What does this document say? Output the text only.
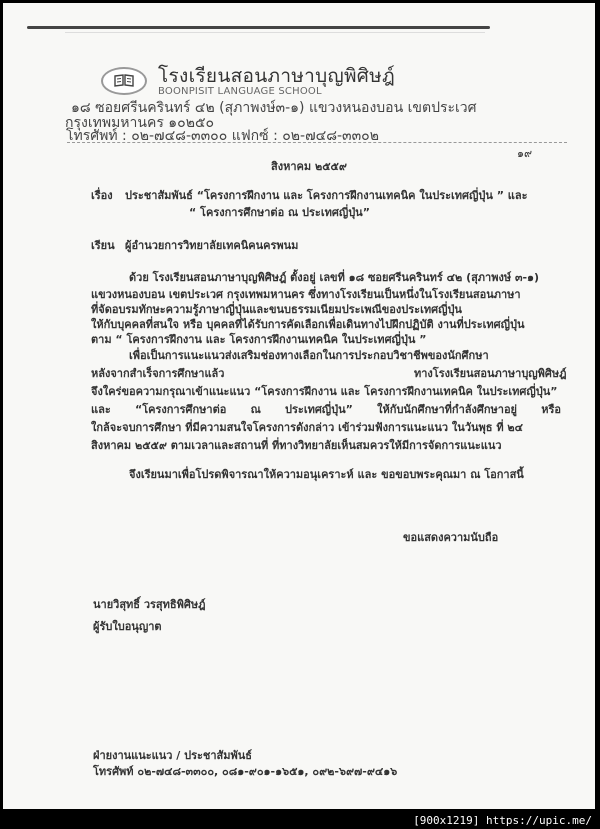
โรงเรียนสอนภาษาบุญพิศิษฎ์
BOONPISIT LANGUAGE SCHOOL
๑๘ ซอยศรีนครินทร์ ๔๒ (สุภาพงษ์๓-๑) แขวงหนองบอน เขตประเวศ
กรุงเทพมหานคร ๑๐๒๕๐
โทรศัพท์ : ๐๒-๗๔๘-๓๓๐๐ แฟกซ์ : ๐๒-๗๔๘-๓๓๐๒
๑๙
สิงหาคม ๒๕๕๙
เรื่อง ประชาสัมพันธ์ “โครงการฝึกงาน และ โครงการฝึกงานเทคนิค ในประเทศญี่ปุ่น ” และ
“ โครงการศึกษาต่อ ณ ประเทศญี่ปุ่น”
เรียน ผู้อำนวยการวิทยาลัยเทคนิคนครพนม
ด้วย โรงเรียนสอนภาษาบุญพิศิษฎ์ ตั้งอยู่ เลขที่ ๑๘ ซอยศรีนครินทร์ ๔๒ (สุภาพงษ์ ๓-๑)
แขวงหนองบอน เขตประเวศ กรุงเทพมหานคร ซึ่งทางโรงเรียนเป็นหนึ่งในโรงเรียนสอนภาษา
ที่จัดอบรมทักษะความรู้ภาษาญี่ปุ่นและขนบธรรมเนียมประเพณีของประเทศญี่ปุ่น
ให้กับบุคคลที่สนใจ หรือ บุคคลที่ได้รับการคัดเลือกเพื่อเดินทางไปฝึกปฏิบัติ งานที่ประเทศญี่ปุ่น
ตาม “ โครงการฝึกงาน และ โครงการฝึกงานเทคนิค ในประเทศญี่ปุ่น ”
เพื่อเป็นการแนะแนวส่งเสริมช่องทางเลือกในการประกอบวิชาชีพของนักศึกษา
หลังจากสำเร็จการศึกษาแล้ว	ทางโรงเรียนสอนภาษาบุญพิศิษฎ์
จึงใคร่ขอความกรุณาเข้าแนะแนว “โครงการฝึกงาน และ โครงการฝึกงานเทคนิค ในประเทศญี่ปุ่น”
และ “โครงการศึกษาต่อ ณ ประเทศญี่ปุ่น” ให้กับนักศึกษาที่กำลังศึกษาอยู่ หรือ
ใกล้จะจบการศึกษา ที่มีความสนใจโครงการดังกล่าว เข้าร่วมฟังการแนะแนว ในวันพุธ ที่ ๒๔
สิงหาคม ๒๕๕๙ ตามเวลาและสถานที่ ที่ทางวิทยาลัยเห็นสมควรให้มีการจัดการแนะแนว
จึงเรียนมาเพื่อโปรดพิจารณาให้ความอนุเคราะห์ และ ขอขอบพระคุณมา ณ โอกาสนี้
ขอแสดงความนับถือ
นายวิสุทธิ์ วรสุทธิพิศิษฎ์
ผู้รับใบอนุญาต
ฝ่ายงานแนะแนว / ประชาสัมพันธ์
โทรศัพท์ ๐๒-๗๔๘-๓๓๐๐, ๐๘๑-๙๐๑-๑๖๕๑, ๐๙๒-๖๙๗-๙๔๑๖
[900x1219] https://upic.me/
